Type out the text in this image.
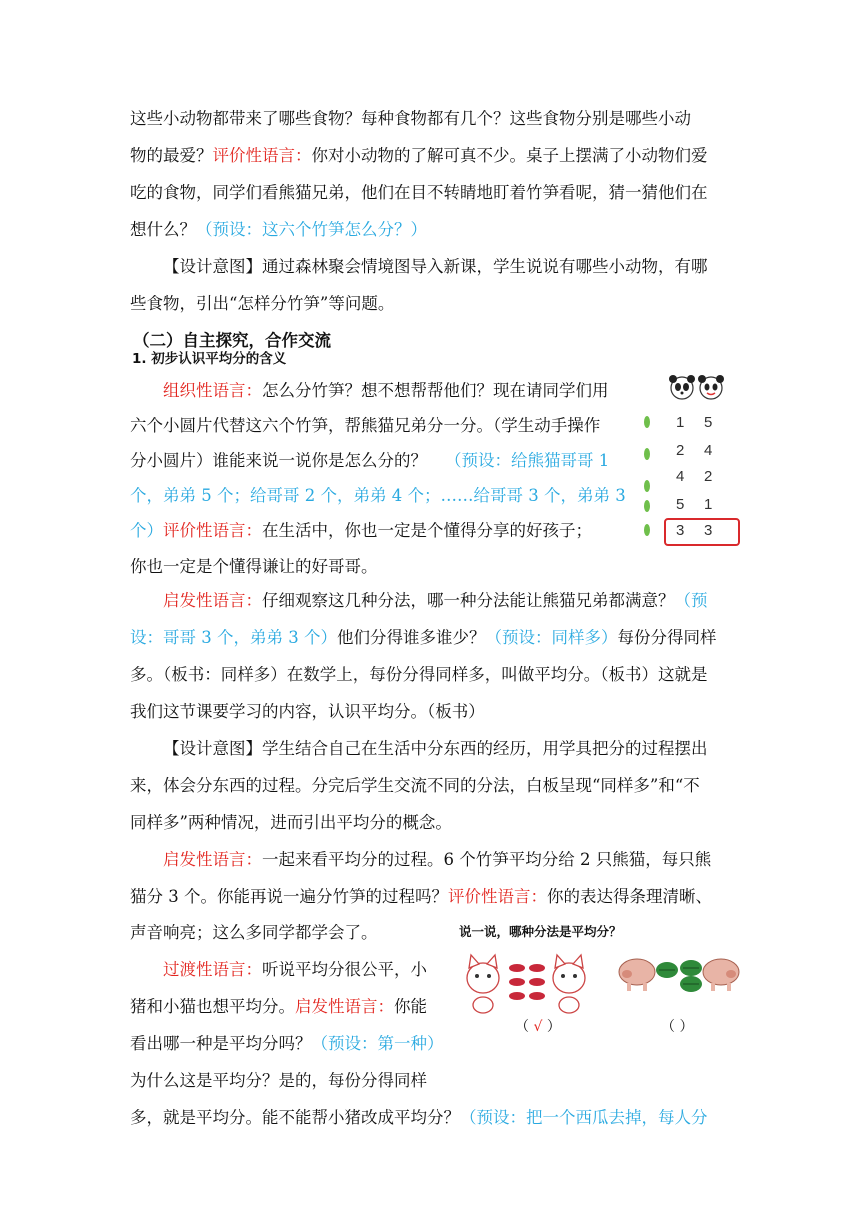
这些小动物都带来了哪些食物？每种食物都有几个？这些食物分别是哪些小动
物的最爱？评价性语言：你对小动物的了解可真不少。桌子上摆满了小动物们爱
吃的食物，同学们看熊猫兄弟，他们在目不转睛地盯着竹笋看呢，猜一猜他们在
想什么？（预设：这六个竹笋怎么分？）
【设计意图】通过森林聚会情境图导入新课，学生说说有哪些小动物，有哪
些食物，引出“怎样分竹笋”等问题。
（二）自主探究，合作交流
1. 初步认识平均分的含义
组织性语言：怎么分竹笋？想不想帮帮他们？现在请同学们用
六个小圆片代替这六个竹笋，帮熊猫兄弟分一分。（学生动手操作
分小圆片）谁能来说一说你是怎么分的？ （预设：给熊猫哥哥 1
个，弟弟 5 个；给哥哥 2 个，弟弟 4 个；……给哥哥 3 个，弟弟 3
个）评价性语言：在生活中，你也一定是个懂得分享的好孩子；
你也一定是个懂得谦让的好哥哥。
1 5
2 4
4 2
5 1
3 3
启发性语言：仔细观察这几种分法，哪一种分法能让熊猫兄弟都满意？（预
设：哥哥 3 个，弟弟 3 个）他们分得谁多谁少？（预设：同样多）每份分得同样
多。（板书：同样多）在数学上，每份分得同样多，叫做平均分。（板书）这就是
我们这节课要学习的内容，认识平均分。（板书）
【设计意图】学生结合自己在生活中分东西的经历，用学具把分的过程摆出
来，体会分东西的过程。分完后学生交流不同的分法，白板呈现“同样多”和“不
同样多”两种情况，进而引出平均分的概念。
启发性语言：一起来看平均分的过程。6 个竹笋平均分给 2 只熊猫，每只熊
猫分 3 个。你能再说一遍分竹笋的过程吗？评价性语言：你的表达得条理清晰、
声音响亮；这么多同学都学会了。
过渡性语言：听说平均分很公平，小
猪和小猫也想平均分。启发性语言：你能
看出哪一种是平均分吗？（预设：第一种）
为什么这是平均分？是的，每份分得同样
多，就是平均分。能不能帮小猪改成平均分？（预设：把一个西瓜去掉，每人分
说一说，哪种分法是平均分？
（ √ ）	（ ）
